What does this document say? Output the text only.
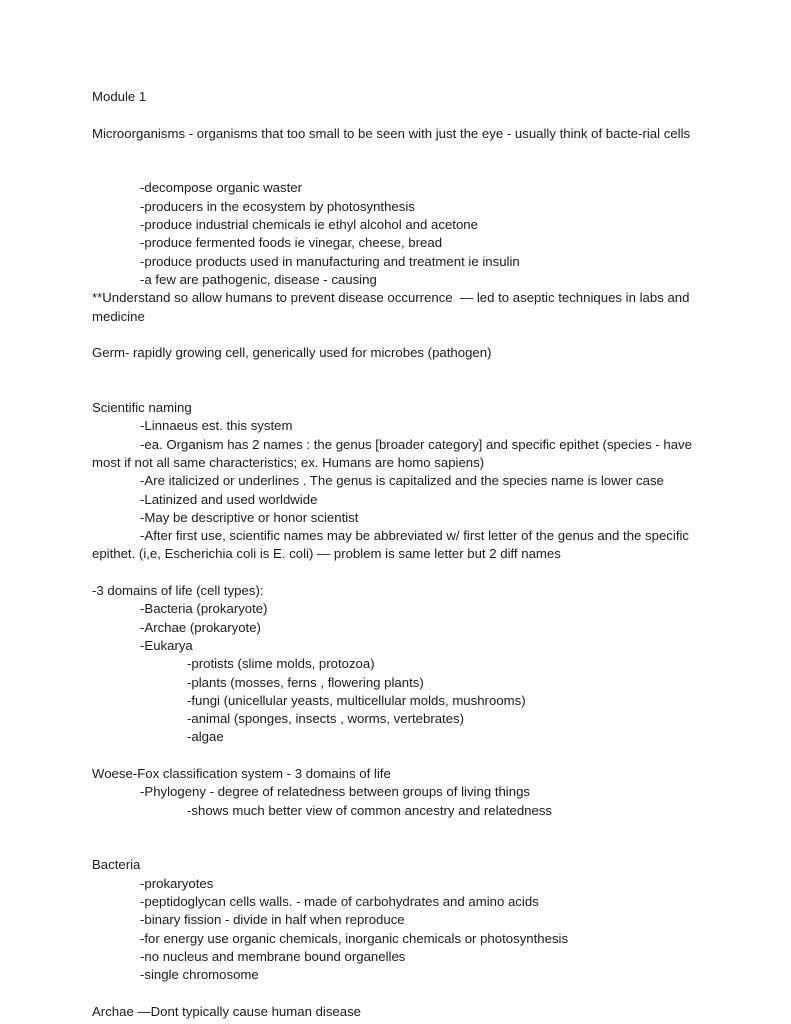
Module 1

Microorganisms - organisms that too small to be seen with just the eye - usually think of bacte-rial cells

-decompose organic waster

-producers in the ecosystem by photosynthesis

-produce industrial chemicals ie ethyl alcohol and acetone

-produce fermented foods ie vinegar, cheese, bread

-produce products used in manufacturing and treatment ie insulin

-a few are pathogenic, disease - causing

**Understand so allow humans to prevent disease occurrence  — led to aseptic techniques in labs and medicine

Germ- rapidly growing cell, generically used for microbes (pathogen)

Scientific naming

-Linnaeus est. this system

-ea. Organism has 2 names : the genus [broader category] and specific epithet (species - have most if not all same characteristics; ex. Humans are homo sapiens)

-Are italicized or underlines . The genus is capitalized and the species name is lower case

-Latinized and used worldwide

-May be descriptive or honor scientist

-After first use, scientific names may be abbreviated w/ first letter of the genus and the specific epithet. (i,e, Escherichia coli is E. coli) — problem is same letter but 2 diff names

-3 domains of life (cell types):

-Bacteria (prokaryote)

-Archae (prokaryote)

-Eukarya

-protists (slime molds, protozoa)

-plants (mosses, ferns , flowering plants)

-fungi (unicellular yeasts, multicellular molds, mushrooms)

-animal (sponges, insects , worms, vertebrates)

-algae

Woese-Fox classification system - 3 domains of life

-Phylogeny - degree of relatedness between groups of living things

-shows much better view of common ancestry and relatedness

Bacteria

-prokaryotes

-peptidoglycan cells walls. - made of carbohydrates and amino acids

-binary fission - divide in half when reproduce

-for energy use organic chemicals, inorganic chemicals or photosynthesis

-no nucleus and membrane bound organelles

-single chromosome

Archae —Dont typically cause human disease
